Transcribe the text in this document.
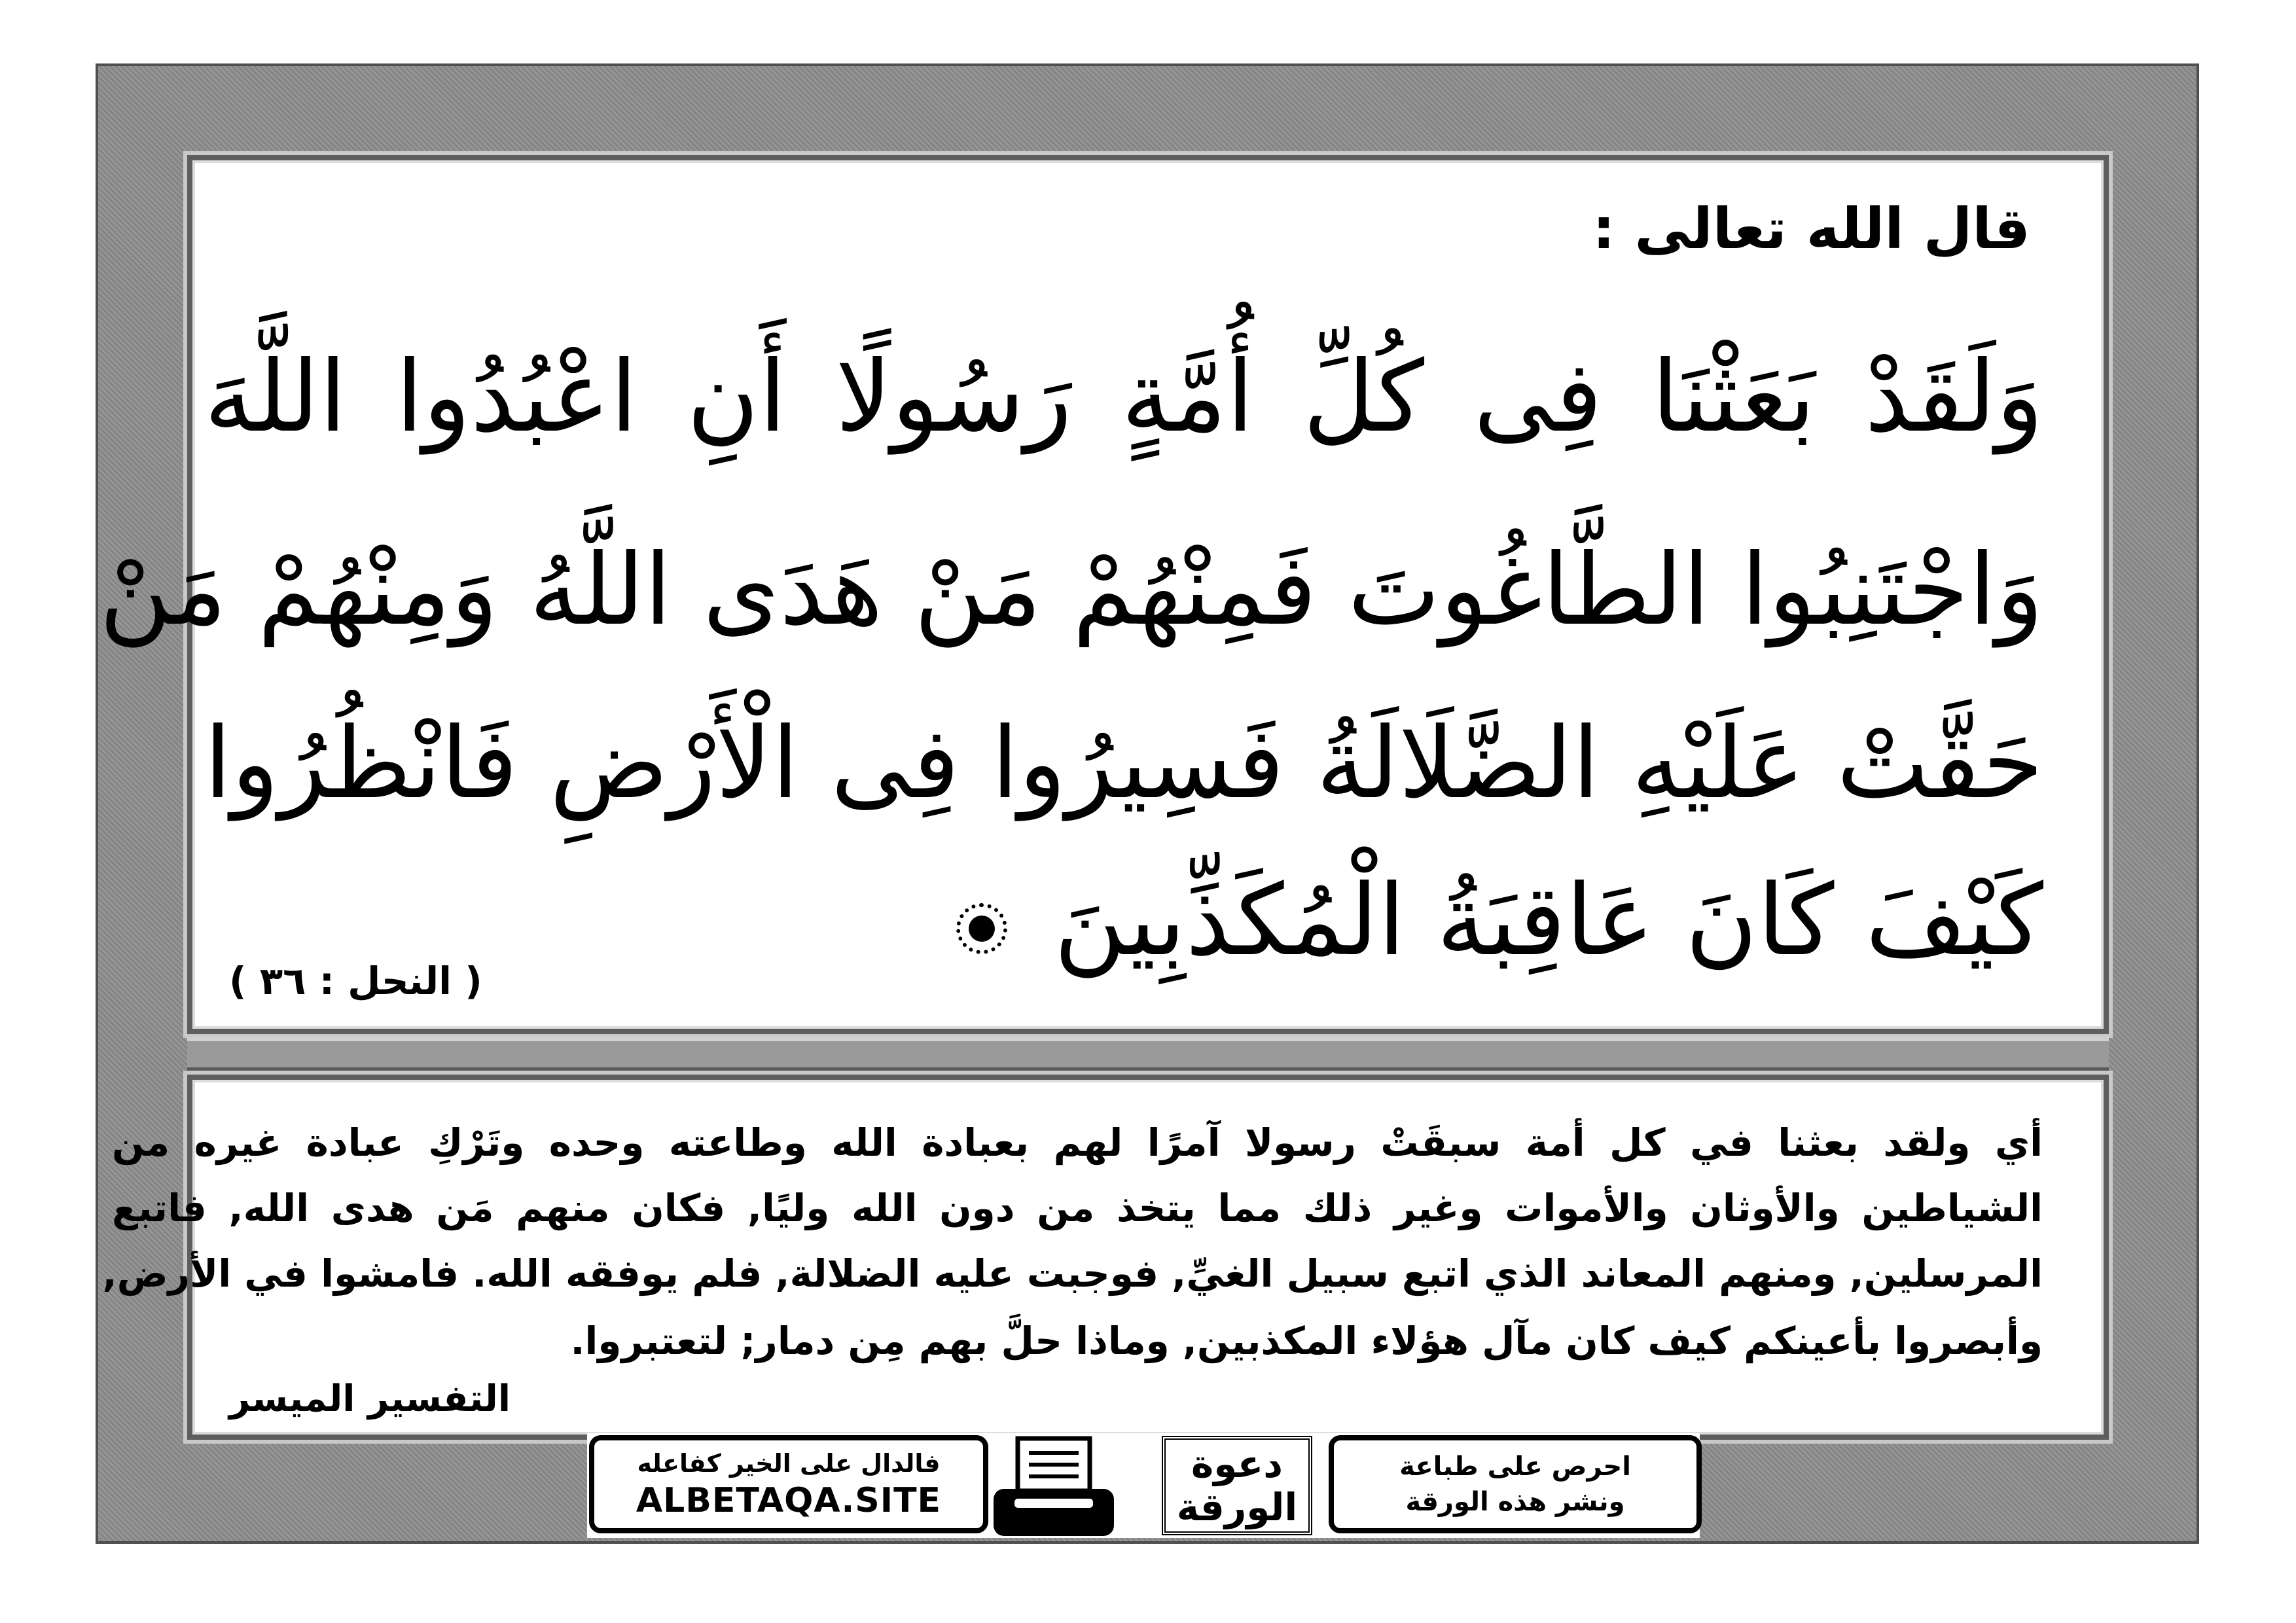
قال الله تعالى :
وَلَقَدْ بَعَثْنَا فِى كُلِّ أُمَّةٍ رَسُولًا أَنِ اعْبُدُوا اللَّهَ
وَاجْتَنِبُوا الطَّاغُوتَ فَمِنْهُمْ مَنْ هَدَى اللَّهُ وَمِنْهُمْ مَنْ
حَقَّتْ عَلَيْهِ الضَّلَالَةُ فَسِيرُوا فِى الْأَرْضِ فَانْظُرُوا
كَيْفَ كَانَ عَاقِبَةُ الْمُكَذِّبِينَ
( النحل : ٣٦ )
أي ولقد بعثنا في كل أمة سبقَتْ رسولا آمرًا لهم بعبادة الله وطاعته وحده وتَرْكِ عبادة غيره من
الشياطين والأوثان والأموات وغير ذلك مما يتخذ من دون الله وليًا, فكان منهم مَن هدى الله, فاتبع
المرسلين, ومنهم المعاند الذي اتبع سبيل الغيِّ, فوجبت عليه الضلالة, فلم يوفقه الله. فامشوا في الأرض,
وأبصروا بأعينكم كيف كان مآل هؤلاء المكذبين, وماذا حلَّ بهم مِن دمار; لتعتبروا.
التفسير الميسر
احرص على طباعة
ونشر هذه الورقة
دعوة الورقة
فالدال على الخير كفاعله
ALBETAQA.SITE
